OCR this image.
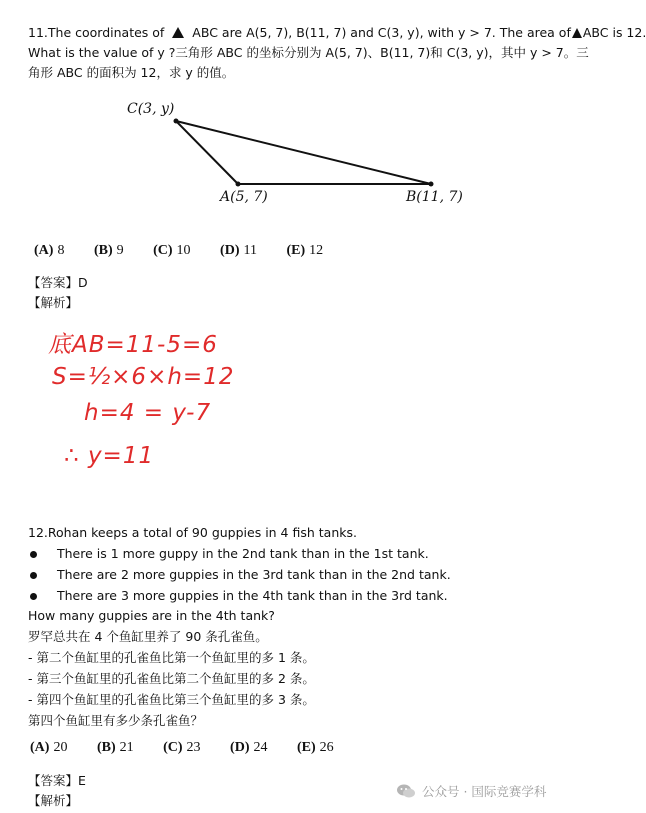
11.The coordinates of ABC are A(5, 7), B(11, 7) and C(3, y), with y > 7. The area of ABC is 12.
What is the value of y ?三角形 ABC 的坐标分别为 A(5, 7)、B(11, 7)和 C(3, y)，其中 y > 7。三
角形 ABC 的面积为 12，求 y 的值。
C(3, y)
A(5, 7)	B(11, 7)
(A) 8 (B) 9 (C) 10 (D) 11 (E) 12
【答案】D
【解析】
底AB=11-5=6
S=½×6×h=12
h=4 = y-7
∴ y=11
12.Rohan keeps a total of 90 guppies in 4 fish tanks.
There is 1 more guppy in the 2nd tank than in the 1st tank.
There are 2 more guppies in the 3rd tank than in the 2nd tank.
There are 3 more guppies in the 4th tank than in the 3rd tank.
How many guppies are in the 4th tank?
罗罕总共在 4 个鱼缸里养了 90 条孔雀鱼。
- 第二个鱼缸里的孔雀鱼比第一个鱼缸里的多 1 条。
- 第三个鱼缸里的孔雀鱼比第二个鱼缸里的多 2 条。
- 第四个鱼缸里的孔雀鱼比第三个鱼缸里的多 3 条。
第四个鱼缸里有多少条孔雀鱼？
(A) 20 (B) 21 (C) 23 (D) 24 (E) 26
【答案】E
【解析】
公众号 · 国际竞赛学科
